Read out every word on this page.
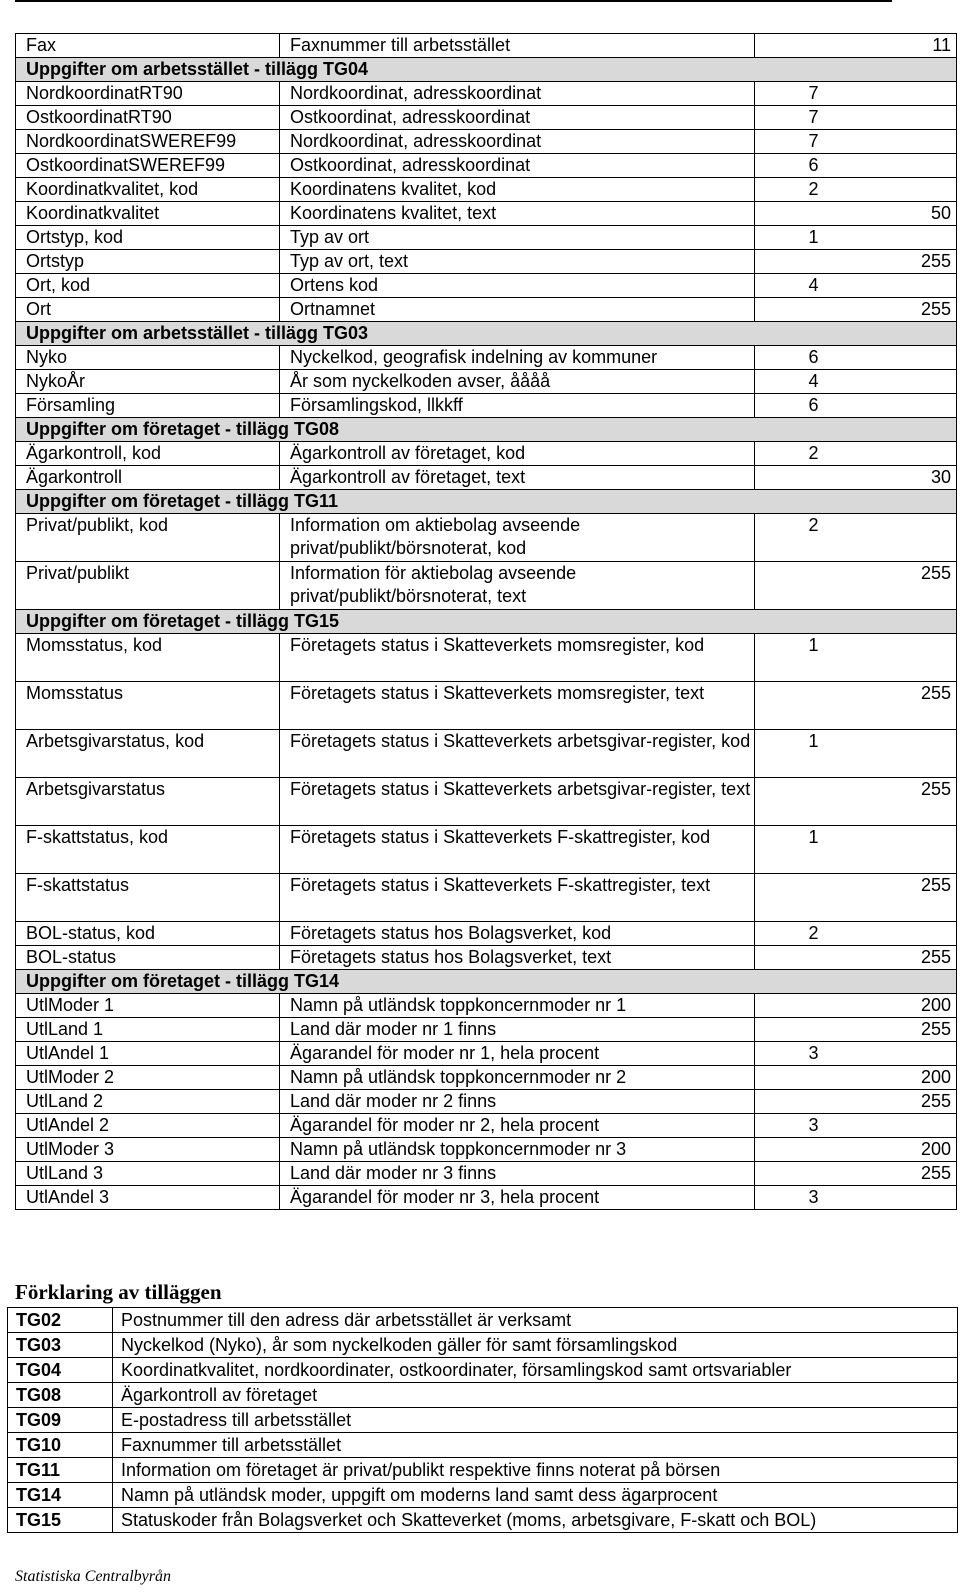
Fax	Faxnummer till arbetsstället		11
Uppgifter om arbetsstället - tillägg TG04			
NordkoordinatRT90	Nordkoordinat, adresskoordinat	7	
OstkoordinatRT90	Ostkoordinat, adresskoordinat	7	
NordkoordinatSWEREF99	Nordkoordinat, adresskoordinat	7	
OstkoordinatSWEREF99	Ostkoordinat, adresskoordinat	6	
Koordinatkvalitet, kod	Koordinatens kvalitet, kod	2	
Koordinatkvalitet	Koordinatens kvalitet, text		50
Ortstyp, kod	Typ av ort	1	
Ortstyp	Typ av ort, text		255
Ort, kod	Ortens kod	4	
Ort	Ortnamnet		255
Uppgifter om arbetsstället - tillägg TG03			
Nyko	Nyckelkod, geografisk indelning av kommuner	6	
NykoÅr	År som nyckelkoden avser, åååå	4	
Församling	Församlingskod, llkkff	6	
Uppgifter om företaget - tillägg TG08			
Ägarkontroll, kod	Ägarkontroll av företaget, kod	2	
Ägarkontroll	Ägarkontroll av företaget, text		30
Uppgifter om företaget - tillägg TG11			
Privat/publikt, kod	Information om aktiebolag avseende privat/publikt/börsnoterat, kod	2	
Privat/publikt	Information för aktiebolag avseende privat/publikt/börsnoterat, text		255
Uppgifter om företaget - tillägg TG15			
Momsstatus, kod	Företagets status i Skatteverkets momsregister, kod	1	
Momsstatus	Företagets status i Skatteverkets momsregister, text		255
Arbetsgivarstatus, kod	Företagets status i Skatteverkets arbetsgivar-register, kod	1	
Arbetsgivarstatus	Företagets status i Skatteverkets arbetsgivar-register, text		255
F-skattstatus, kod	Företagets status i Skatteverkets F-skattregister, kod	1	
F-skattstatus	Företagets status i Skatteverkets F-skattregister, text		255
BOL-status, kod	Företagets status hos Bolagsverket, kod	2	
BOL-status	Företagets status hos Bolagsverket, text		255
Uppgifter om företaget - tillägg TG14			
UtlModer 1	Namn på utländsk toppkoncernmoder nr 1		200
UtlLand 1	Land där moder nr 1 finns		255
UtlAndel 1	Ägarandel för moder nr 1, hela procent	3	
UtlModer 2	Namn på utländsk toppkoncernmoder nr 2		200
UtlLand 2	Land där moder nr 2 finns		255
UtlAndel 2	Ägarandel för moder nr 2, hela procent	3	
UtlModer 3	Namn på utländsk toppkoncernmoder nr 3		200
UtlLand 3	Land där moder nr 3 finns		255
UtlAndel 3	Ägarandel för moder nr 3, hela procent	3	
Förklaring av tilläggen
TG02	Postnummer till den adress där arbetsstället är verksamt
TG03	Nyckelkod (Nyko), år som nyckelkoden gäller för samt församlingskod
TG04	Koordinatkvalitet, nordkoordinater, ostkoordinater, församlingskod samt ortsvariabler
TG08	Ägarkontroll av företaget
TG09	E-postadress till arbetsstället
TG10	Faxnummer till arbetsstället
TG11	Information om företaget är privat/publikt respektive finns noterat på börsen
TG14	Namn på utländsk moder, uppgift om moderns land samt dess ägarprocent
TG15	Statuskoder från Bolagsverket och Skatteverket (moms, arbetsgivare, F-skatt och BOL)
Statistiska Centralbyrån
